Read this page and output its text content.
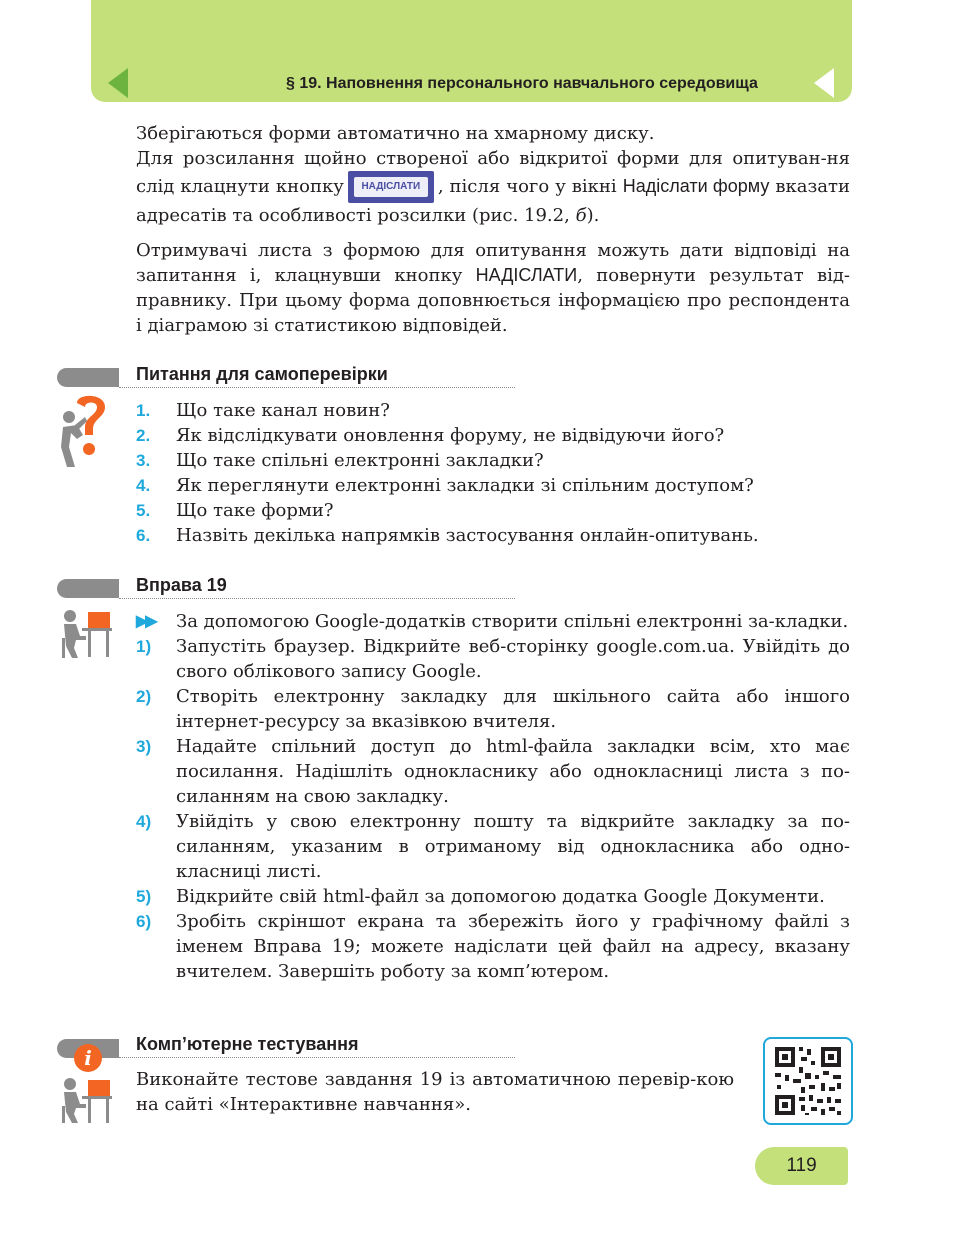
§ 19. Наповнення персонального навчального середовища

Зберігаються форми автоматично на хмарному диску.

Для розсилання щойно створеної або відкритої форми для опитуван-ня слід клацнути кнопку	НАДІСЛАТИ , після чого у вікні Надіслати форму вказати адресатів та особливості розсилки (рис. 19.2, б).
Отримувачі листа з формою для опитування можуть дати відповіді на запитання і, клацнувши кнопку НАДІСЛАТИ, повернути результат від-правнику. При цьому форма доповнюється інформацією про респондента і діаграмою зі статистикою відповідей.
Питання для самоперевірки
1. Що таке канал новин?
2. Як відслідкувати оновлення форуму, не відвідуючи його?
3. Що таке спільні електронні закладки?
4. Як переглянути електронні закладки зі спільним доступом?
5. Що таке форми?
6. Назвіть декілька напрямків застосування онлайн-опитувань.
Вправа 19
▶▶ За допомогою Google-додатків створити спільні електронні за-кладки.
1) Запустіть браузер. Відкрийте веб-сторінку google.com.ua. Увійдіть до свого облікового запису Google.
2) Створіть електронну закладку для шкільного сайта або іншого інтернет-ресурсу за вказівкою вчителя.
3) Надайте спільний доступ до html-файла закладки всім, хто має посилання. Надішліть однокласнику або однокласниці листа з по-силанням на свою закладку.
4) Увійдіть у свою електронну пошту та відкрийте закладку за по-силанням, указаним в отриманому від однокласника або одно-класниці листі.
5) Відкрийте свій html-файл за допомогою додатка Google Документи.
6) Зробіть скріншот екрана та збережіть його у графічному файлі з іменем Вправа 19; можете надіслати цей файл на адресу, вказану вчителем. Завершіть роботу за комп’ютером.
Комп’ютерне тестування
i
Виконайте тестове завдання 19 із автоматичною перевір-кою на сайті «Інтерактивне навчання».
119
